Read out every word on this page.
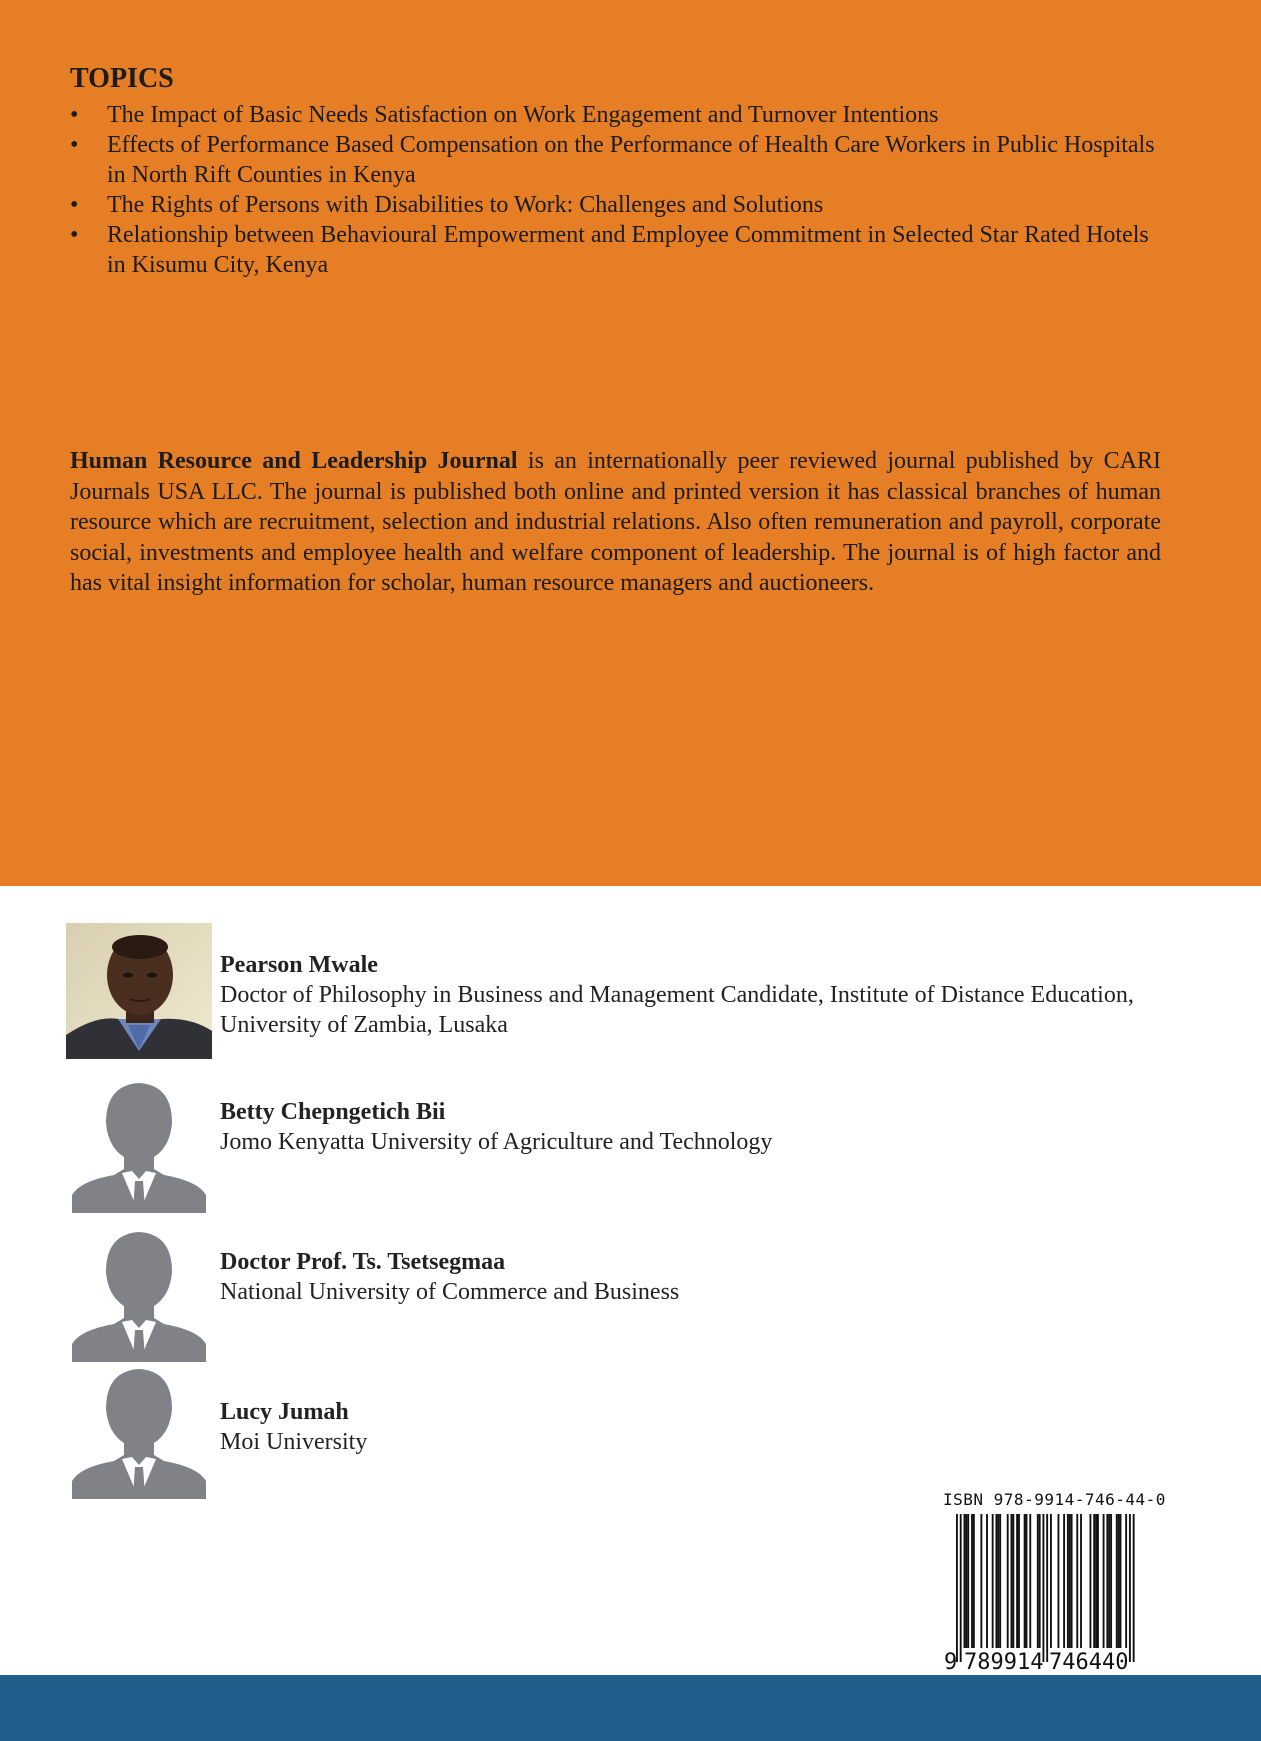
TOPICS
• The Impact of Basic Needs Satisfaction on Work Engagement and Turnover Intentions
• Effects of Performance Based Compensation on the Performance of Health Care Workers in Public Hospitals in North Rift Counties in Kenya
• The Rights of Persons with Disabilities to Work: Challenges and Solutions
• Relationship between Behavioural Empowerment and Employee Commitment in Selected Star Rated Hotels in Kisumu City, Kenya

Human Resource and Leadership Journal is an internationally peer reviewed journal published by CARI Journals USA LLC. The journal is published both online and printed version it has classical branches of human resource which are recruitment, selection and industrial relations. Also often remuneration and payroll, corporate social, investments and employee health and welfare component of leadership. The journal is of high factor and has vital insight information for scholar, human resource managers and auctioneers.

Pearson Mwale
Doctor of Philosophy in Business and Management Candidate, Institute of Distance Education, University of Zambia, Lusaka
Betty Chepngetich Bii
Jomo Kenyatta University of Agriculture and Technology
Doctor Prof. Ts. Tsetsegmaa
National University of Commerce and Business
Lucy Jumah
Moi University
ISBN 978-9914-746-44-0
9 789914 746440
